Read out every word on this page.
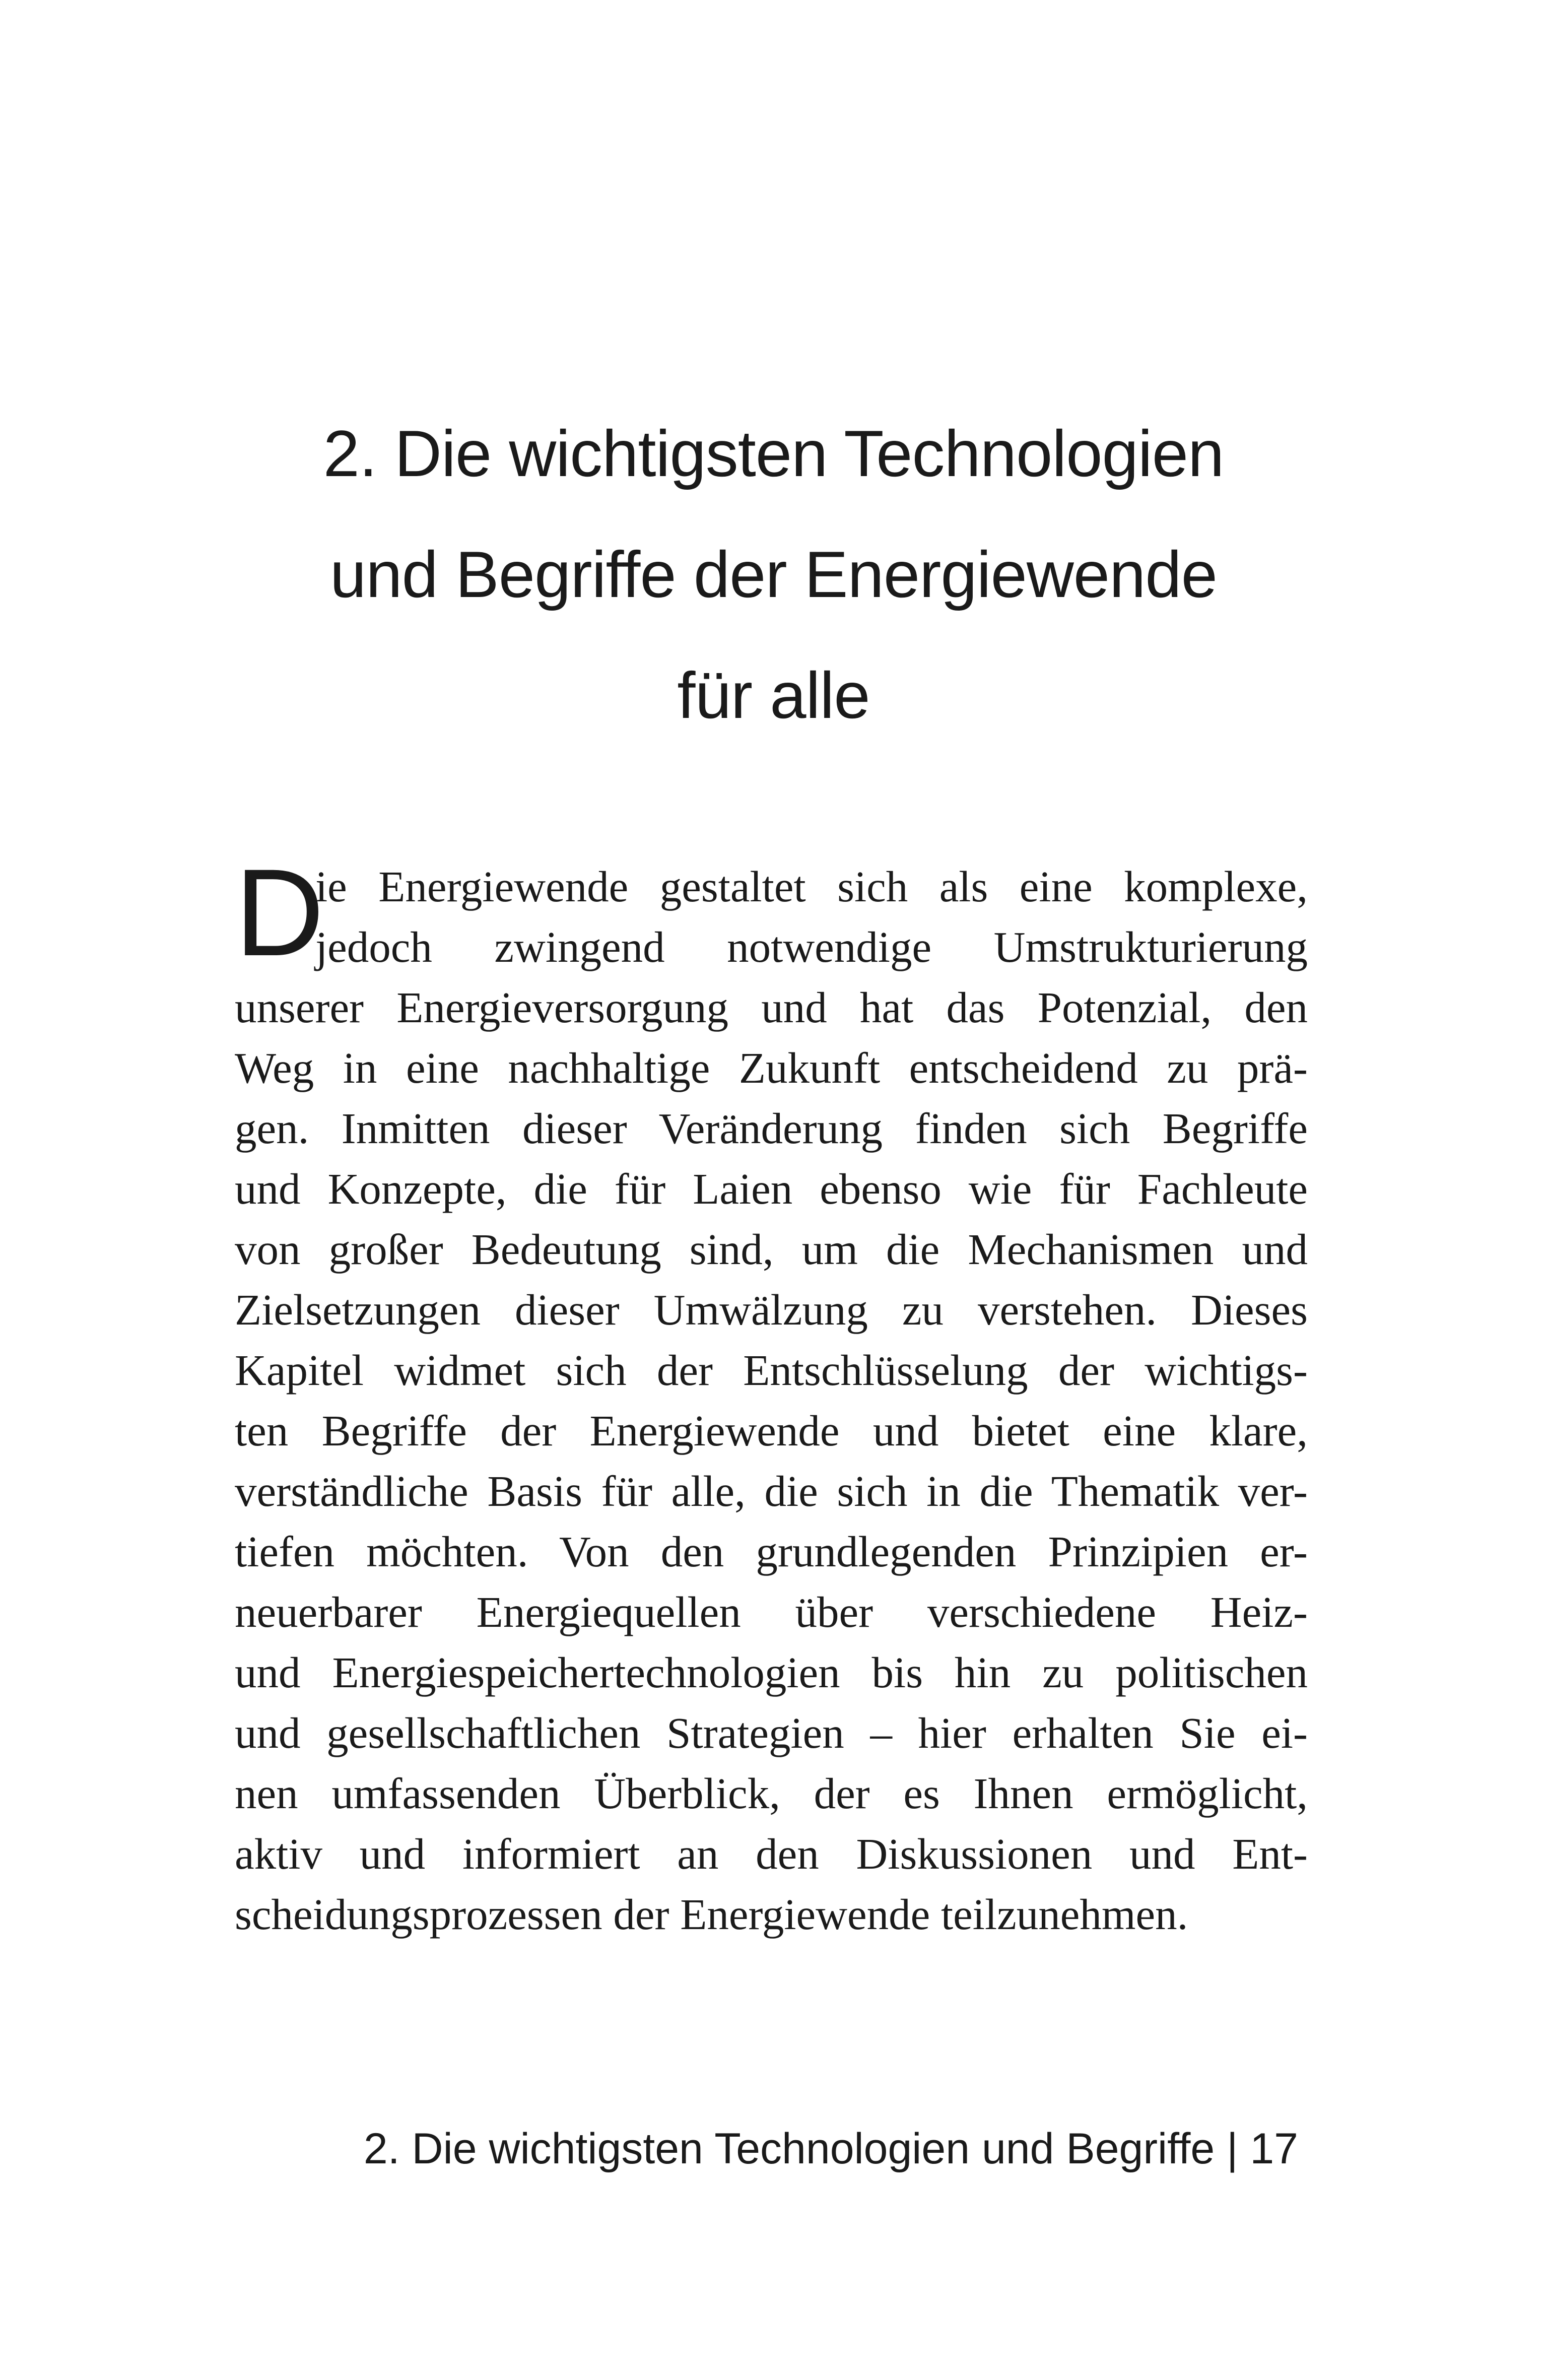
2. Die wichtigsten Technologien
und Begriffe der Energiewende
für alle
D
ie Energiewende gestaltet sich als eine komplexe,
jedoch zwingend notwendige Umstrukturierung
unserer Energieversorgung und hat das Potenzial, den
Weg in eine nachhaltige Zukunft entscheidend zu prä-
gen. Inmitten dieser Veränderung finden sich Begriffe
und Konzepte, die für Laien ebenso wie für Fachleute
von großer Bedeutung sind, um die Mechanismen und
Zielsetzungen dieser Umwälzung zu verstehen. Dieses
Kapitel widmet sich der Entschlüsselung der wichtigs-
ten Begriffe der Energiewende und bietet eine klare,
verständliche Basis für alle, die sich in die Thematik ver-
tiefen möchten. Von den grundlegenden Prinzipien er-
neuerbarer Energiequellen über verschiedene Heiz-
und Energiespeichertechnologien bis hin zu politischen
und gesellschaftlichen Strategien – hier erhalten Sie ei-
nen umfassenden Überblick, der es Ihnen ermöglicht,
aktiv und informiert an den Diskussionen und Ent-
scheidungsprozessen der Energiewende teilzunehmen.
2. Die wichtigsten Technologien und Begriffe | 17
